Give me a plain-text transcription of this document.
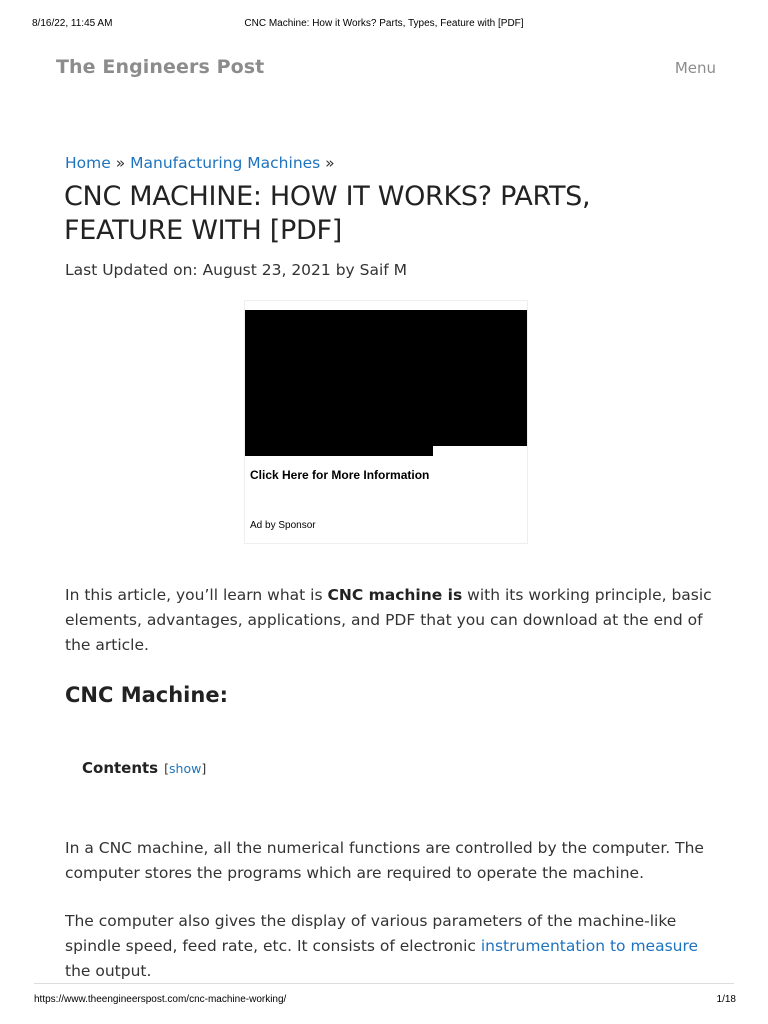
8/16/22, 11:45 AM	CNC Machine: How it Works? Parts, Types, Feature with [PDF]
The Engineers Post	Menu
Home » Manufacturing Machines »
CNC MACHINE: HOW IT WORKS? PARTS, FEATURE WITH [PDF]
Last Updated on: August 23, 2021 by Saif M
Click Here for More Information
Ad by Sponsor

In this article, you’ll learn what is CNC machine is with its working principle, basic elements, advantages, applications, and PDF that you can download at the end of the article.

CNC Machine:
Contents [show]

In a CNC machine, all the numerical functions are controlled by the computer. The computer stores the programs which are required to operate the machine.

The computer also gives the display of various parameters of the machine-like spindle speed, feed rate, etc. It consists of electronic instrumentation to measure the output.

https://www.theengineerspost.com/cnc-machine-working/	1/18
